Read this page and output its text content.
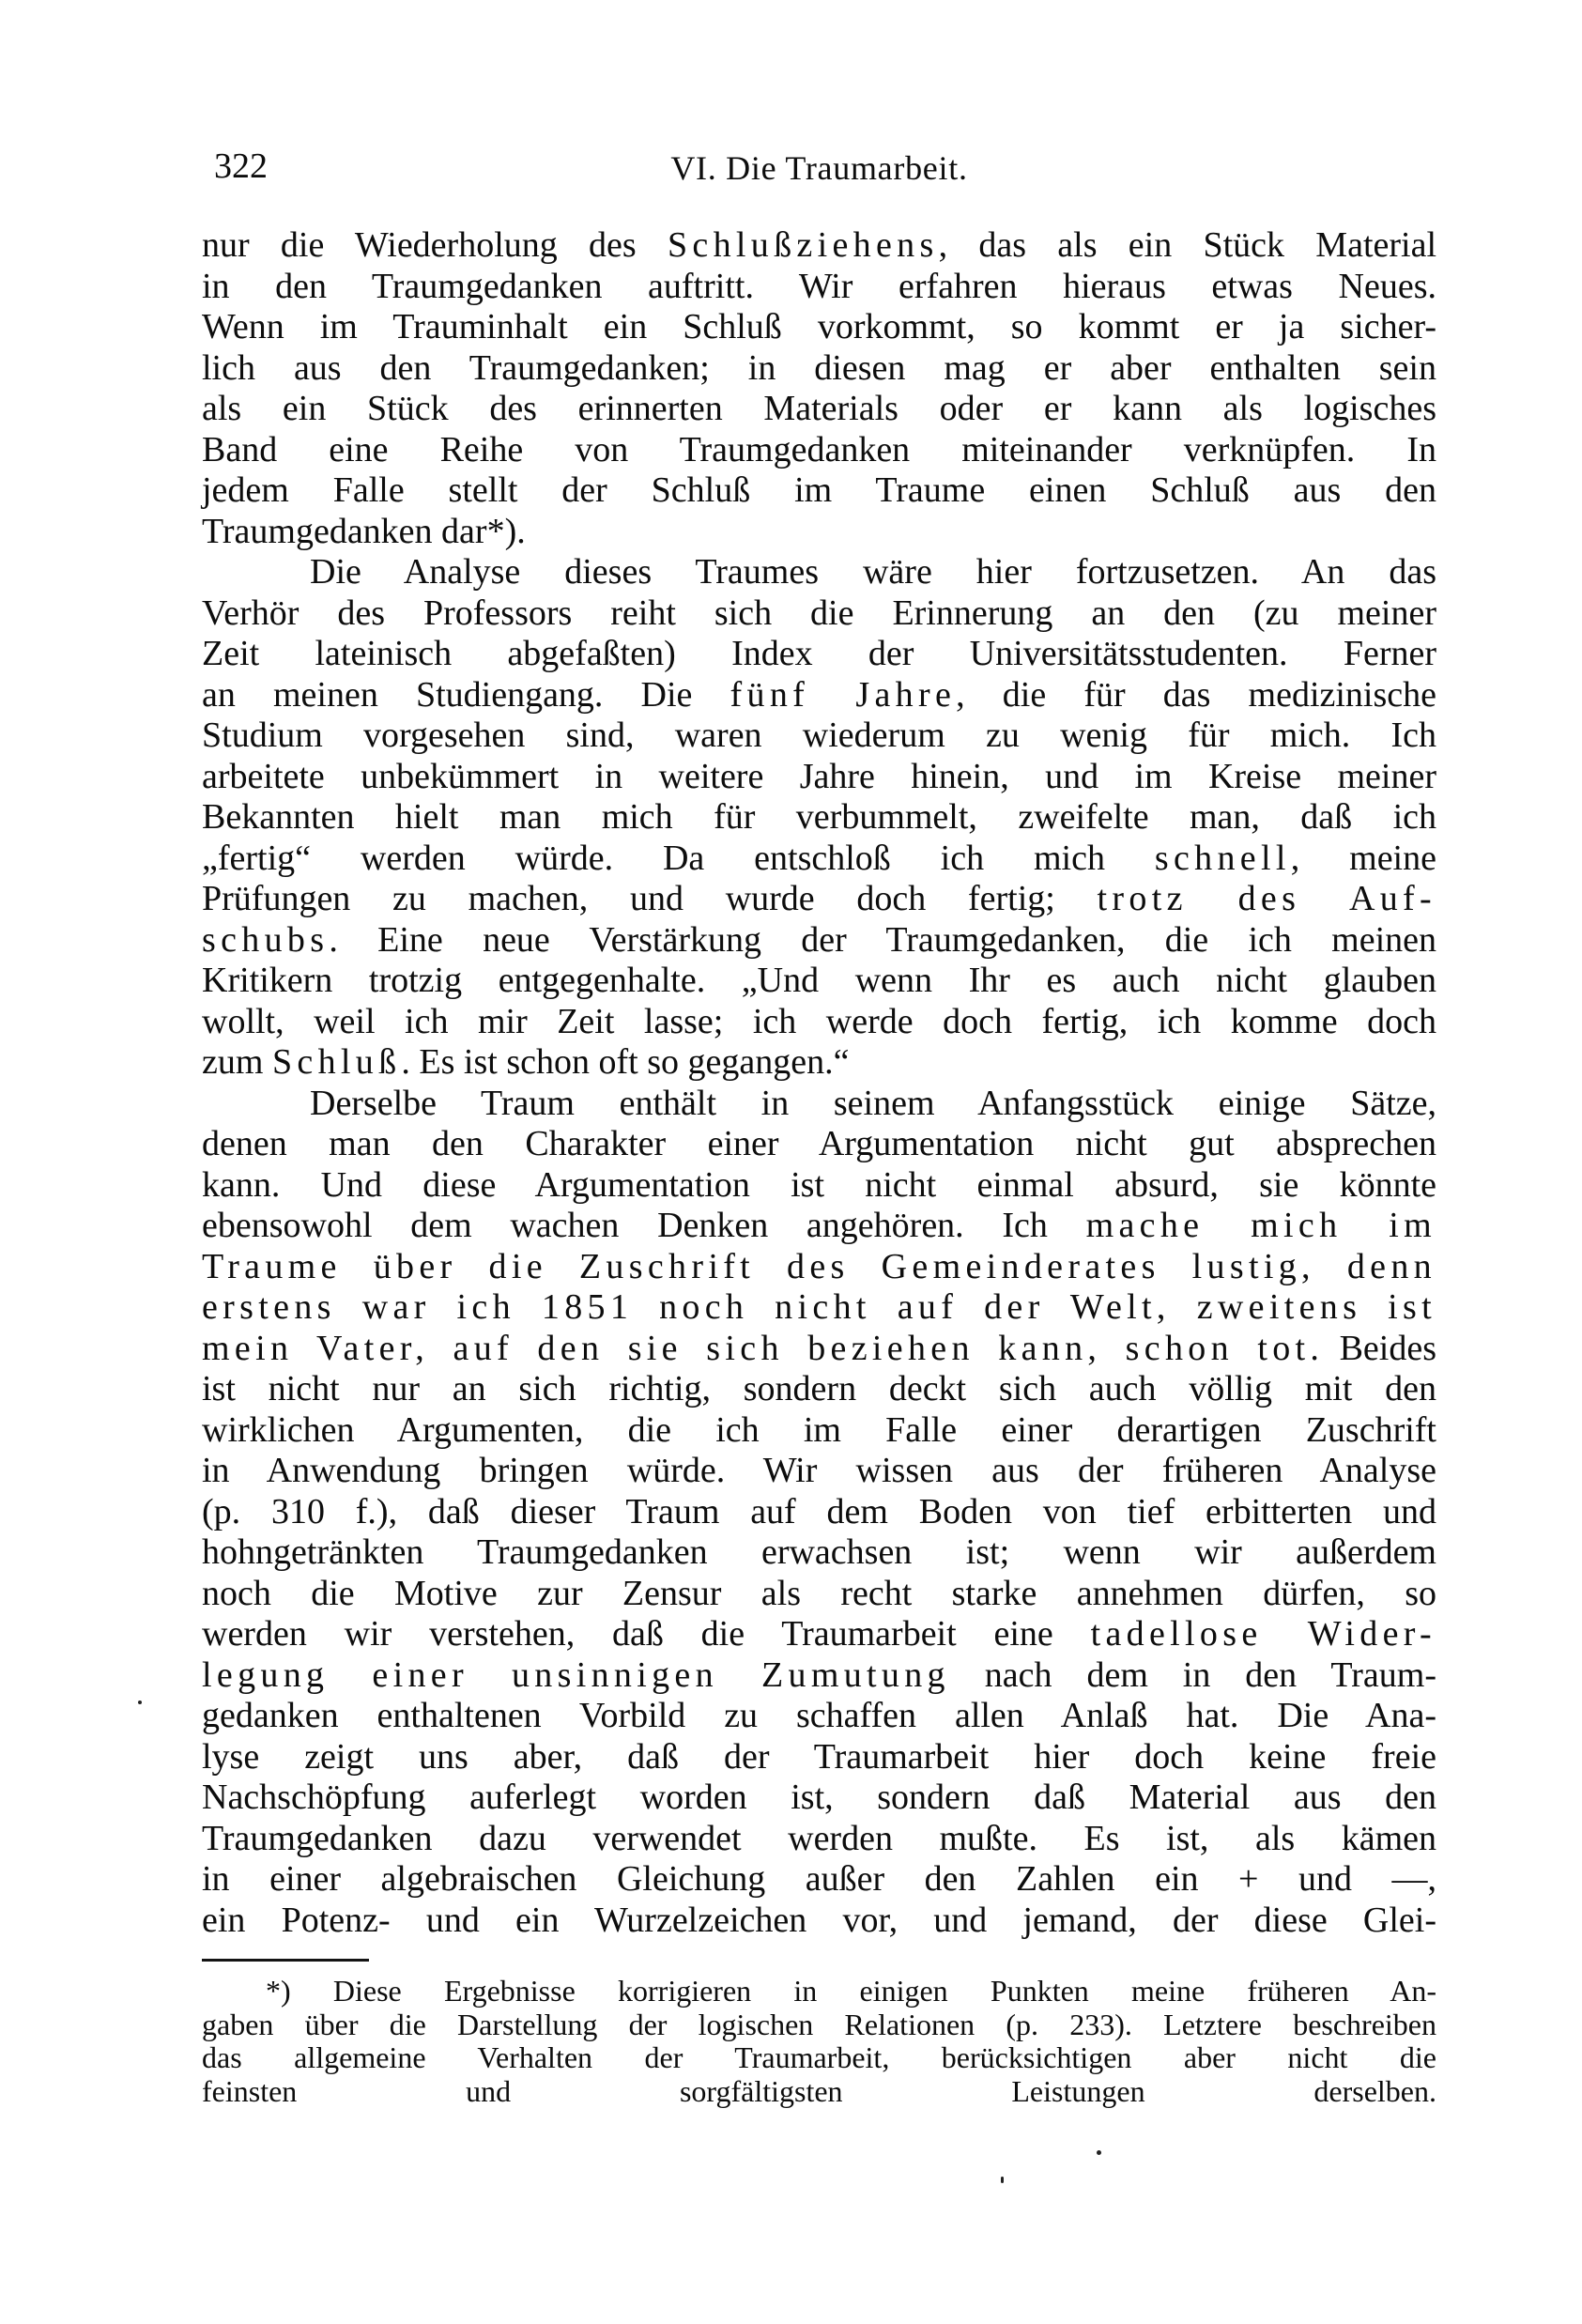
322	VI. Die Traumarbeit.
nur die Wiederholung des Schlußziehens, das als ein Stück Material
in den Traumgedanken auftritt. Wir erfahren hieraus etwas Neues.
Wenn im Trauminhalt ein Schluß vorkommt, so kommt er ja sicher-
lich aus den Traumgedanken; in diesen mag er aber enthalten sein
als ein Stück des erinnerten Materials oder er kann als logisches
Band eine Reihe von Traumgedanken miteinander verknüpfen. In
jedem Falle stellt der Schluß im Traume einen Schluß aus den
Traumgedanken dar*).
Die Analyse dieses Traumes wäre hier fortzusetzen. An das
Verhör des Professors reiht sich die Erinnerung an den (zu meiner
Zeit lateinisch abgefaßten) Index der Universitätsstudenten. Ferner
an meinen Studiengang. Die fünf Jahre, die für das medizinische
Studium vorgesehen sind, waren wiederum zu wenig für mich. Ich
arbeitete unbekümmert in weitere Jahre hinein, und im Kreise meiner
Bekannten hielt man mich für verbummelt, zweifelte man, daß ich
„fertig“ werden würde. Da entschloß ich mich schnell, meine
Prüfungen zu machen, und wurde doch fertig; trotz des Auf-
schubs. Eine neue Verstärkung der Traumgedanken, die ich meinen
Kritikern trotzig entgegenhalte. „Und wenn Ihr es auch nicht glauben
wollt, weil ich mir Zeit lasse; ich werde doch fertig, ich komme doch
zum Schluß. Es ist schon oft so gegangen.“
Derselbe Traum enthält in seinem Anfangsstück einige Sätze,
denen man den Charakter einer Argumentation nicht gut absprechen
kann. Und diese Argumentation ist nicht einmal absurd, sie könnte
ebensowohl dem wachen Denken angehören. Ich mache mich im
Traume über die Zuschrift des Gemeinderates lustig, denn
erstens war ich 1851 noch nicht auf der Welt, zweitens ist
mein Vater, auf den sie sich beziehen kann, schon tot. Beides
ist nicht nur an sich richtig, sondern deckt sich auch völlig mit den
wirklichen Argumenten, die ich im Falle einer derartigen Zuschrift
in Anwendung bringen würde. Wir wissen aus der früheren Analyse
(p. 310 f.), daß dieser Traum auf dem Boden von tief erbitterten und
hohngetränkten Traumgedanken erwachsen ist; wenn wir außerdem
noch die Motive zur Zensur als recht starke annehmen dürfen, so
werden wir verstehen, daß die Traumarbeit eine tadellose Wider-
legung einer unsinnigen Zumutung nach dem in den Traum-
gedanken enthaltenen Vorbild zu schaffen allen Anlaß hat. Die Ana-
lyse zeigt uns aber, daß der Traumarbeit hier doch keine freie
Nachschöpfung auferlegt worden ist, sondern daß Material aus den
Traumgedanken dazu verwendet werden mußte. Es ist, als kämen
in einer algebraischen Gleichung außer den Zahlen ein + und —,
ein Potenz- und ein Wurzelzeichen vor, und jemand, der diese Glei-
*) Diese Ergebnisse korrigieren in einigen Punkten meine früheren An-
gaben über die Darstellung der logischen Relationen (p. 233). Letztere beschreiben
das allgemeine Verhalten der Traumarbeit, berücksichtigen aber nicht die
feinsten und sorgfältigsten Leistungen derselben.
